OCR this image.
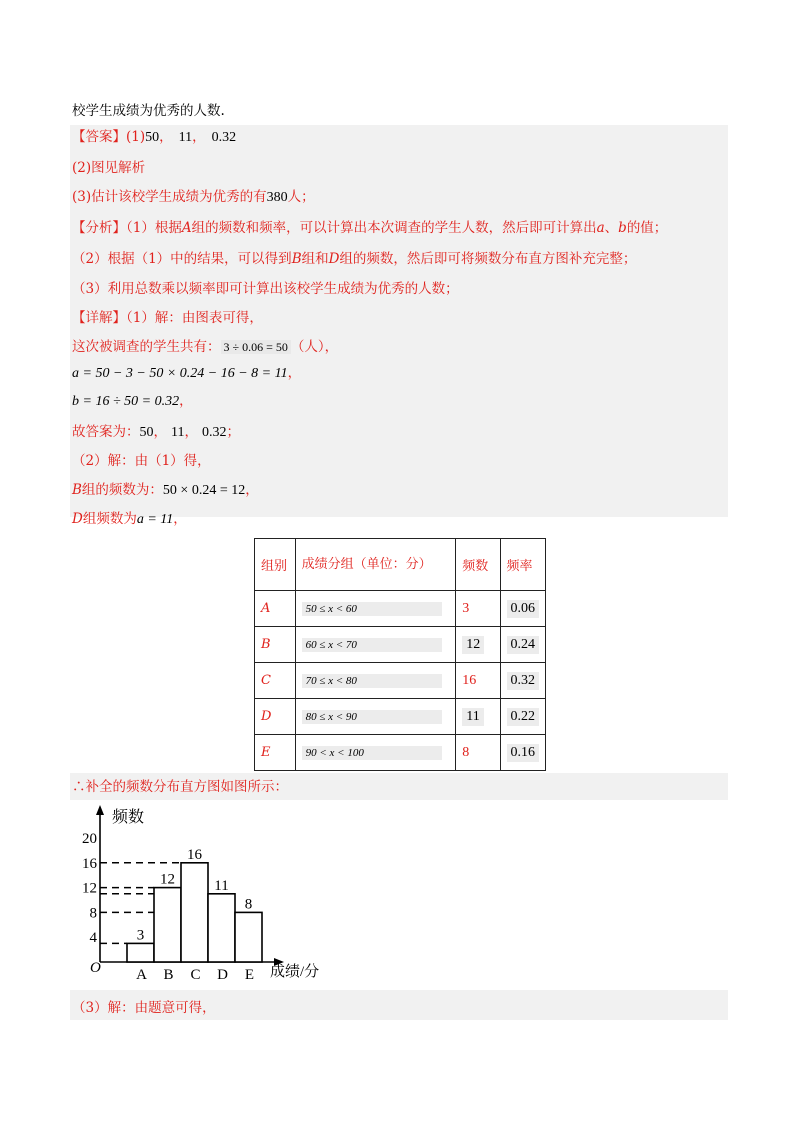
校学生成绩为优秀的人数.
【答案】(1)50， 11， 0.32
(2)图见解析
(3)估计该校学生成绩为优秀的有380人；
【分析】（1）根据A组的频数和频率，可以计算出本次调查的学生人数，然后即可计算出a、b的值；
（2）根据（1）中的结果，可以得到B组和D组的频数，然后即可将频数分布直方图补充完整；
（3）利用总数乘以频率即可计算出该校学生成绩为优秀的人数；
【详解】（1）解：由图表可得，
这次被调查的学生共有： 3 ÷ 0.06 = 50 （人），
a = 50 − 3 − 50 × 0.24 − 16 − 8 = 11，
b = 16 ÷ 50 = 0.32，
故答案为：50， 11， 0.32；
（2）解：由（1）得，
B组的频数为：50 × 0.24 = 12，
D组频数为a = 11，
组别	成绩分组（单位：分）	频数	频率
A	50 ≤ x < 60	3	0.06
B	60 ≤ x < 70	12	0.24
C	70 ≤ x < 80	16	0.32
D	80 ≤ x < 90	11	0.22
E	90 < x < 100	8	0.16
∴补全的频数分布直方图如图所示：
4
8
12
16
20
3
A
12
B
16
C
11
D
8
E
频数
成绩/分
O
（3）解：由题意可得，
